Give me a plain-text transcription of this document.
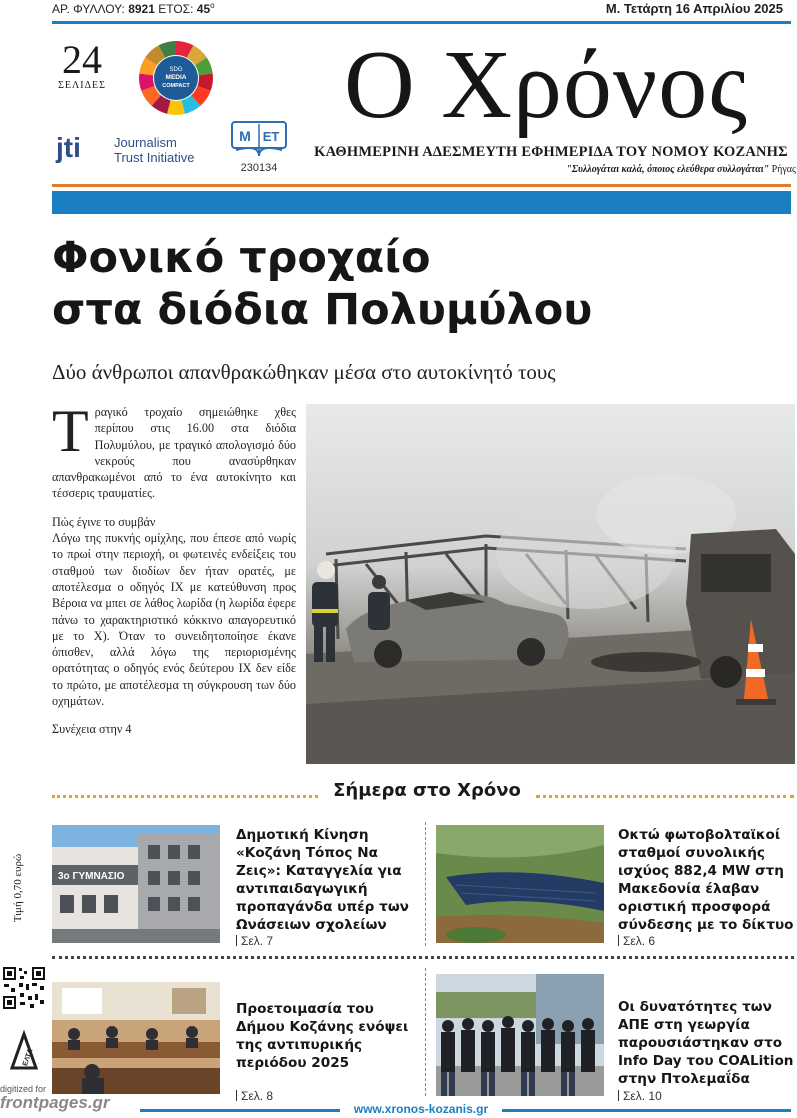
ΑΡ. ΦΥΛΛΟΥ: 8921 ΕΤΟΣ: $45^o$	Μ. Τετάρτη 16 Απριλίου 2025
24
ΣΕΛΙΔΕΣ
SDG
MEDIA
COMPACT
jti	Journalism
Trust Initiative
Μ ΕΤ
230134
Ο Χρόνος
ΚΑΘΗΜΕΡΙΝΗ ΑΔΕΣΜΕΥΤΗ ΕΦΗΜΕΡΙΔΑ ΤΟΥ ΝΟΜΟΥ ΚΟΖΑΝΗΣ
"Συλλογάται καλά, όποιος ελεύθερα συλλογάται" Ρήγας
Φονικό τροχαίο
στα διόδια Πολυμύλου
Δύο άνθρωποι απανθρακώθηκαν μέσα στο αυτοκίνητό τους

Τραγικό τροχαίο σημειώθηκε χθες περίπου στις 16.00 στα διόδια Πολυμύλου, με τραγικό απολογισμό δύο νεκρούς που ανασύρθηκαν απανθρακωμένοι από το ένα αυτοκίνητο και τέσσερις τραυματίες.

Πώς έγινε το συμβάν

Λόγω της πυκνής ομίχλης, που έπεσε από νωρίς το πρωί στην περιοχή, οι φωτεινές ενδείξεις του σταθμού των διοδίων δεν ήταν ορατές, με αποτέλεσμα ο οδηγός ΙΧ με κατεύθυνση προς Βέροια να μπει σε λάθος λωρίδα (η λωρίδα έφερε πάνω το χαρακτηριστικό κόκκινο απαγορευτικό με το Χ). Όταν το συνειδητοποίησε έκανε όπισθεν, αλλά λόγω της περιορισμένης ορατότητας ο οδηγός ενός δεύτερου ΙΧ δεν είδε το πρώτο, με αποτέλεσμα τη σύγκρουση των δύο οχημάτων.

Συνέχεια στην 4

Σήμερα στο Χρόνο
3ο ΓΥΜΝΑΣΙΟ
Δημοτική Κίνηση «Κοζάνη Τόπος Να Ζεις»: Καταγγελία για αντιπαιδαγωγική προπαγάνδα υπέρ των Ωνάσειων σχολείων
Σελ. 7
Οκτώ φωτοβολταϊκοί σταθμοί συνολικής ισχύος 882,4 MW στη Μακεδονία έλαβαν οριστική προσφορά σύνδεσης με το δίκτυο
Σελ. 6
Προετοιμασία του Δήμου Κοζάνης ενόψει της αντιπυρικής περιόδου 2025
Σελ. 8
Οι δυνατότητες των ΑΠΕ στη γεωργία παρουσιάστηκαν στο Info Day του COALition στην Πτολεμαΐδα
Σελ. 10
Τιμή 0,70 ευρώ
ΕΛΤΑ
digitized for
frontpages.gr	www.xronos-kozanis.gr
